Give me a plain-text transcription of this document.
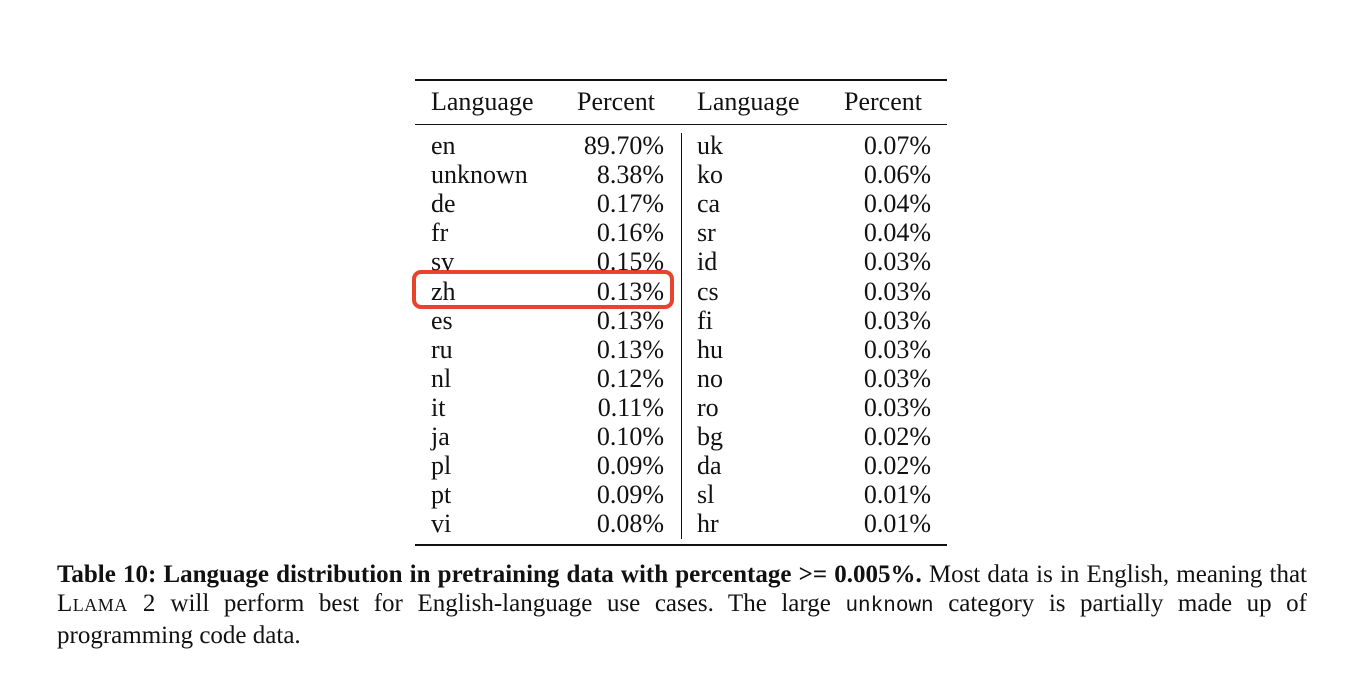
Language Percent Language Percent
en	89.70% uk	0.07%
unknown	8.38% ko	0.06%
de	0.17% ca	0.04%
fr	0.16% sr	0.04%
sv	0.15% id	0.03%
zh	0.13% cs	0.03%
es	0.13% fi	0.03%
ru	0.13% hu	0.03%
nl	0.12% no	0.03%
it	0.11% ro	0.03%
ja	0.10% bg	0.02%
pl	0.09% da	0.02%
pt	0.09% sl	0.01%
vi	0.08% hr	0.01%
Table 10: Language distribution in pretraining data with percentage >= 0.005%. Most data is in English, meaning that Llama 2 will perform best for English-language use cases. The large unknown category is partially made up of programming code data.
